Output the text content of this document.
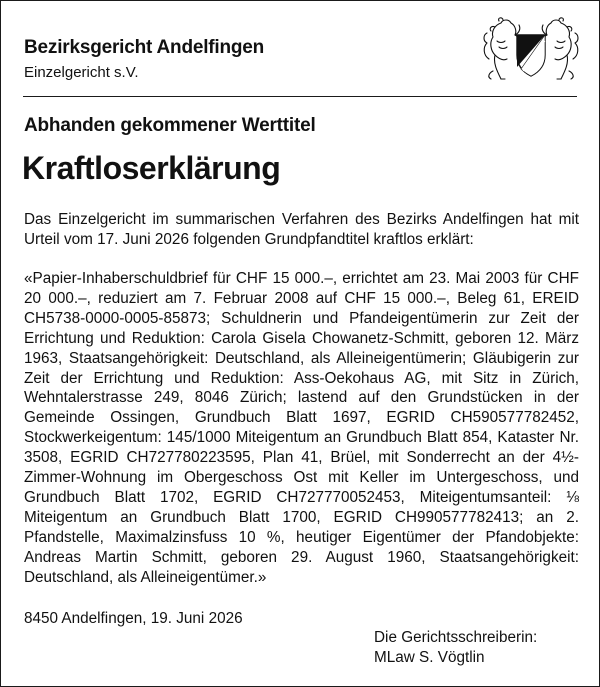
Bezirksgericht Andelfingen

Einzelgericht s.V.

Abhanden gekommener Werttitel
Kraftloserklärung

Das Einzelgericht im summarischen Verfahren des Bezirks Andelfingen hat mit Urteil vom 17. Juni 2026 folgenden Grundpfandtitel kraftlos erklärt:

«Papier-Inhaberschuldbrief für CHF 15 000.–, errichtet am 23. Mai 2003 für CHF 20 000.–, reduziert am 7. Februar 2008 auf CHF 15 000.–, Beleg 61, EREID CH5738-0000-0005-85873; Schuldnerin und Pfandeigentümerin zur Zeit der Errichtung und Reduktion: Carola Gisela Chowanetz-Schmitt, geboren 12. März 1963, Staatsangehörigkeit: Deutschland, als Alleineigentümerin; Gläubigerin zur Zeit der Errichtung und Reduktion: Ass-Oekohaus AG, mit Sitz in Zürich, Wehntalerstrasse 249, 8046 Zürich; lastend auf den Grundstücken in der Gemeinde Ossingen, Grundbuch Blatt 1697, EGRID CH590577782452, Stockwerkeigentum: 145/1000 Miteigentum an Grundbuch Blatt 854, Kataster Nr. 3508, EGRID CH727780223595, Plan 41, Brüel, mit Sonderrecht an der 4½-Zimmer-Wohnung im Obergeschoss Ost mit Keller im Untergeschoss, und Grundbuch Blatt 1702, EGRID CH727770052453, Miteigentumsanteil: ⅛ Miteigentum an Grundbuch Blatt 1700, EGRID CH990577782413; an 2. Pfandstelle, Maximalzinsfuss 10 %, heutiger Eigentümer der Pfandobjekte: Andreas Martin Schmitt, geboren 29. August 1960, Staatsangehörigkeit: Deutschland, als Alleineigentümer.»

8450 Andelfingen, 19. Juni 2026

Die Gerichtsschreiberin:

MLaw S. Vögtlin
